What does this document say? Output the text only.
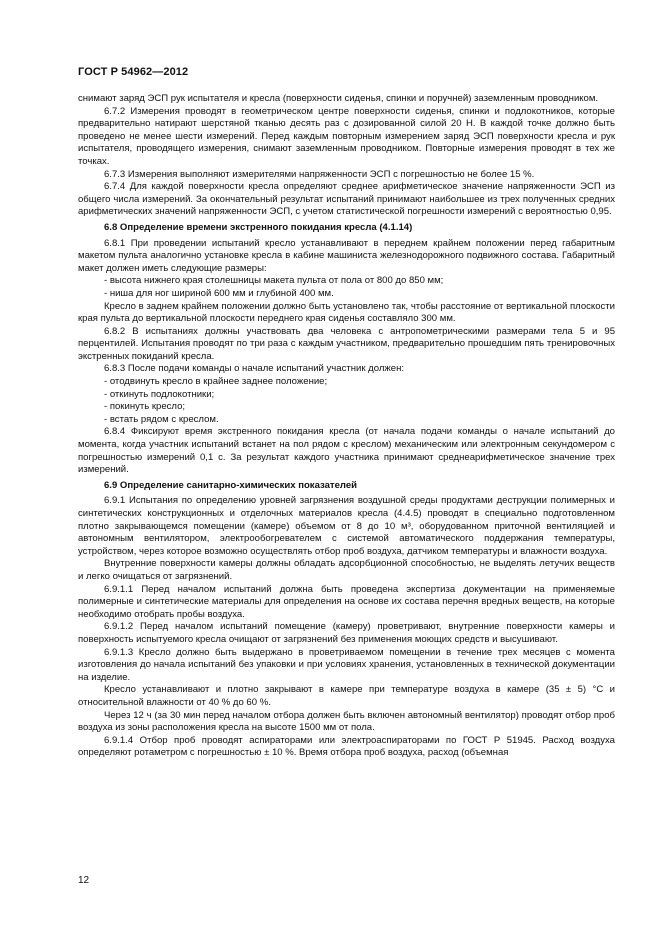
ГОСТ Р 54962—2012

снимают заряд ЭСП рук испытателя и кресла (поверхности сиденья, спинки и поручней) заземленным проводником.

6.7.2 Измерения проводят в геометрическом центре поверхности сиденья, спинки и подлокотников, которые предварительно натирают шерстяной тканью десять раз с дозированной силой 20 Н. В каждой точке должно быть проведено не менее шести измерений. Перед каждым повторным измерением заряд ЭСП поверхности кресла и рук испытателя, проводящего измерения, снимают заземленным проводником. Повторные измерения проводят в тех же точках.

6.7.3 Измерения выполняют измерителями напряженности ЭСП с погрешностью не более 15 %.

6.7.4 Для каждой поверхности кресла определяют среднее арифметическое значение напряженности ЭСП из общего числа измерений. За окончательный результат испытаний принимают наибольшее из трех полученных средних арифметических значений напряженности ЭСП, с учетом статистической погрешности измерений с вероятностью 0,95.

6.8 Определение времени экстренного покидания кресла (4.1.14)

6.8.1 При проведении испытаний кресло устанавливают в переднем крайнем положении перед габаритным макетом пульта аналогично установке кресла в кабине машиниста железнодорожного подвижного состава. Габаритный макет должен иметь следующие размеры:

- высота нижнего края столешницы макета пульта от пола от 800 до 850 мм;

- ниша для ног шириной 600 мм и глубиной 400 мм.

Кресло в заднем крайнем положении должно быть установлено так, чтобы расстояние от вертикальной плоскости края пульта до вертикальной плоскости переднего края сиденья составляло 300 мм.

6.8.2 В испытаниях должны участвовать два человека с антропометрическими размерами тела 5 и 95 перцентилей. Испытания проводят по три раза с каждым участником, предварительно прошедшим пять тренировочных экстренных покиданий кресла.

6.8.3 После подачи команды о начале испытаний участник должен:

- отодвинуть кресло в крайнее заднее положение;

- откинуть подлокотники;

- покинуть кресло;

- встать рядом с креслом.

6.8.4 Фиксируют время экстренного покидания кресла (от начала подачи команды о начале испытаний до момента, когда участник испытаний встанет на пол рядом с креслом) механическим или электронным секундомером с погрешностью измерений 0,1 с. За результат каждого участника принимают среднеарифметическое значение трех измерений.

6.9 Определение санитарно-химических показателей

6.9.1 Испытания по определению уровней загрязнения воздушной среды продуктами деструкции полимерных и синтетических конструкционных и отделочных материалов кресла (4.4.5) проводят в специально подготовленном плотно закрывающемся помещении (камере) объемом от 8 до 10 м³, оборудованном приточной вентиляцией и автономным вентилятором, электрообогревателем с системой автоматического поддержания температуры, устройством, через которое возможно осуществлять отбор проб воздуха, датчиком температуры и влажности воздуха.

Внутренние поверхности камеры должны обладать адсорбционной способностью, не выделять летучих веществ и легко очищаться от загрязнений.

6.9.1.1 Перед началом испытаний должна быть проведена экспертиза документации на применяемые полимерные и синтетические материалы для определения на основе их состава перечня вредных веществ, на которые необходимо отобрать пробы воздуха.

6.9.1.2 Перед началом испытаний помещение (камеру) проветривают, внутренние поверхности камеры и поверхность испытуемого кресла очищают от загрязнений без применения моющих средств и высушивают.

6.9.1.3 Кресло должно быть выдержано в проветриваемом помещении в течение трех месяцев с момента изготовления до начала испытаний без упаковки и при условиях хранения, установленных в технической документации на изделие.

Кресло устанавливают и плотно закрывают в камере при температуре воздуха в камере (35 ± 5) °С и относительной влажности от 40 % до 60 %.

Через 12 ч (за 30 мин перед началом отбора должен быть включен автономный вентилятор) проводят отбор проб воздуха из зоны расположения кресла на высоте 1500 мм от пола.

6.9.1.4 Отбор проб проводят аспираторами или электроаспираторами по ГОСТ Р 51945. Расход воздуха определяют ротаметром с погрешностью ± 10 %. Время отбора проб воздуха, расход (объемная

12
